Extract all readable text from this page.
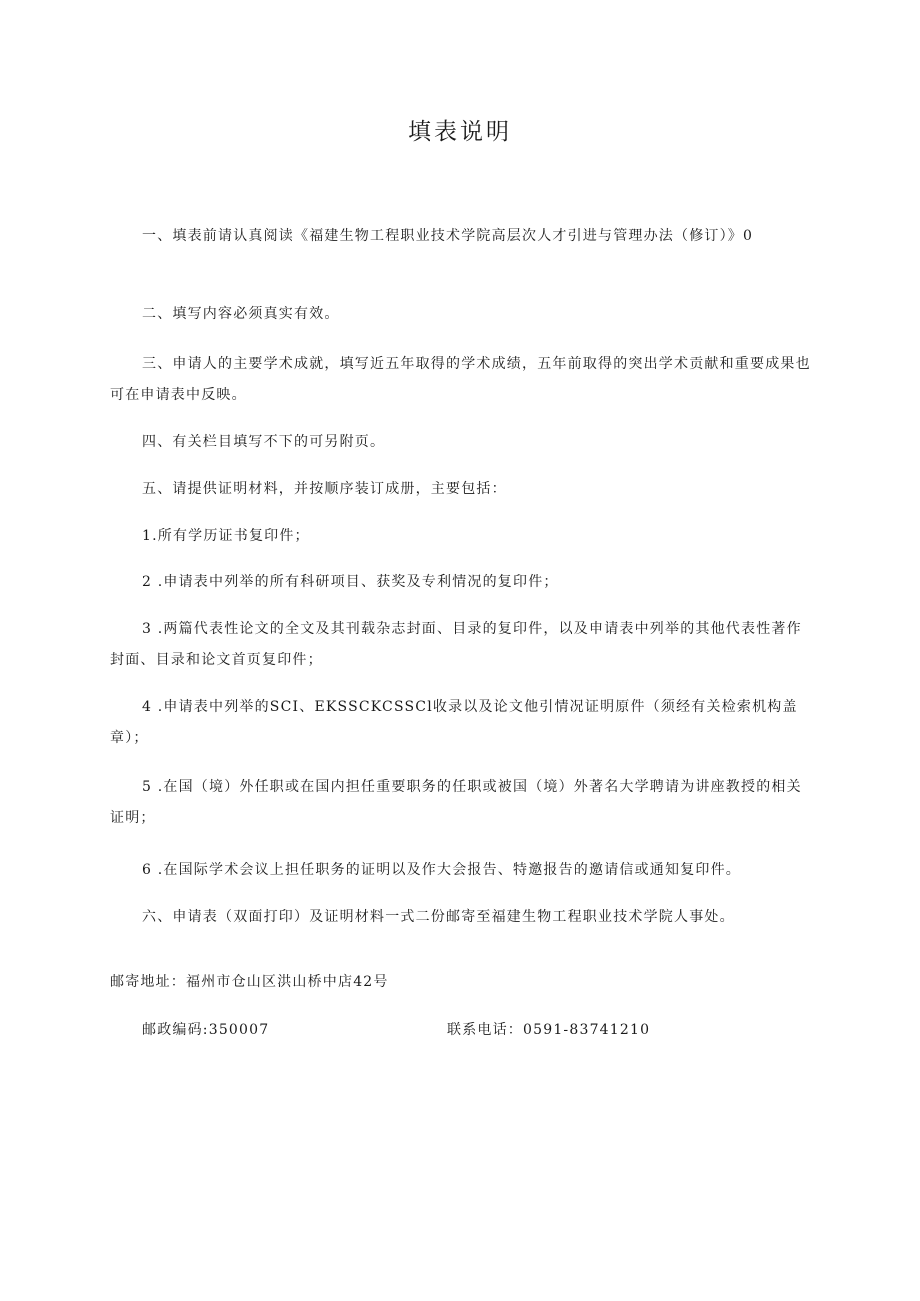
填表说明
一、填表前请认真阅读《福建生物工程职业技术学院高层次人才引进与管理办法（修订）》0
二、填写内容必须真实有效。
三、申请人的主要学术成就，填写近五年取得的学术成绩，五年前取得的突出学术贡献和重要成果也可在申请表中反映。
四、有关栏目填写不下的可另附页。
五、请提供证明材料，并按顺序装订成册，主要包括：
1.所有学历证书复印件；
2 .申请表中列举的所有科研项目、获奖及专利情况的复印件；
3 .两篇代表性论文的全文及其刊载杂志封面、目录的复印件，以及申请表中列举的其他代表性著作封面、目录和论文首页复印件；
4 .申请表中列举的SCI、EKSSCKCSSCl收录以及论文他引情况证明原件（须经有关检索机构盖章）；
5 .在国（境）外任职或在国内担任重要职务的任职或被国（境）外著名大学聘请为讲座教授的相关证明；
6 .在国际学术会议上担任职务的证明以及作大会报告、特邀报告的邀请信或通知复印件。
六、申请表（双面打印）及证明材料一式二份邮寄至福建生物工程职业技术学院人事处。
邮寄地址：福州市仓山区洪山桥中店42号
邮政编码:350007	联系电话：0591-83741210
